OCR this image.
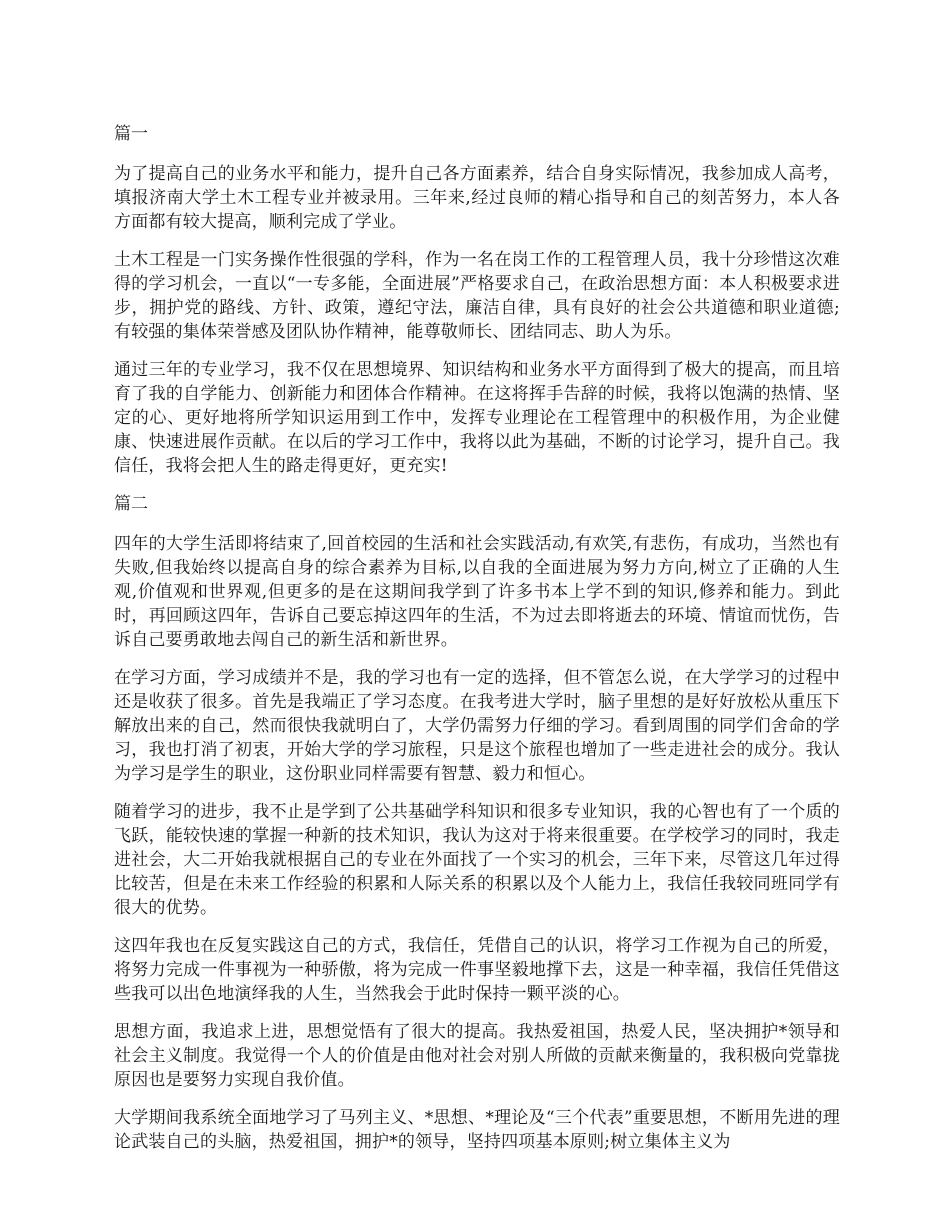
篇一

为了提高自己的业务水平和能力，提升自己各方面素养，结合自身实际情况，我参加成人高考，填报济南大学土木工程专业并被录用。三年来,经过良师的精心指导和自己的刻苦努力，本人各方面都有较大提高，顺利完成了学业。

土木工程是一门实务操作性很强的学科，作为一名在岗工作的工程管理人员，我十分珍惜这次难得的学习机会，一直以“一专多能，全面进展”严格要求自己，在政治思想方面：本人积极要求进步，拥护党的路线、方针、政策，遵纪守法，廉洁自律，具有良好的社会公共道德和职业道德;有较强的集体荣誉感及团队协作精神，能尊敬师长、团结同志、助人为乐。

通过三年的专业学习，我不仅在思想境界、知识结构和业务水平方面得到了极大的提高，而且培育了我的自学能力、创新能力和团体合作精神。在这将挥手告辞的时候，我将以饱满的热情、坚定的心、更好地将所学知识运用到工作中，发挥专业理论在工程管理中的积极作用，为企业健康、快速进展作贡献。在以后的学习工作中，我将以此为基础，不断的讨论学习，提升自己。我信任，我将会把人生的路走得更好，更充实!

篇二

四年的大学生活即将结束了,回首校园的生活和社会实践活动,有欢笑,有悲伤，有成功，当然也有失败,但我始终以提高自身的综合素养为目标,以自我的全面进展为努力方向,树立了正确的人生观,价值观和世界观,但更多的是在这期间我学到了许多书本上学不到的知识,修养和能力。到此时，再回顾这四年，告诉自己要忘掉这四年的生活，不为过去即将逝去的环境、情谊而忧伤，告诉自己要勇敢地去闯自己的新生活和新世界。

在学习方面，学习成绩并不是，我的学习也有一定的选择，但不管怎么说，在大学学习的过程中还是收获了很多。首先是我端正了学习态度。在我考进大学时，脑子里想的是好好放松从重压下解放出来的自己，然而很快我就明白了，大学仍需努力仔细的学习。看到周围的同学们舍命的学习，我也打消了初衷，开始大学的学习旅程，只是这个旅程也增加了一些走进社会的成分。我认为学习是学生的职业，这份职业同样需要有智慧、毅力和恒心。

随着学习的进步，我不止是学到了公共基础学科知识和很多专业知识，我的心智也有了一个质的飞跃，能较快速的掌握一种新的技术知识，我认为这对于将来很重要。在学校学习的同时，我走进社会，大二开始我就根据自己的专业在外面找了一个实习的机会，三年下来，尽管这几年过得比较苦，但是在未来工作经验的积累和人际关系的积累以及个人能力上，我信任我较同班同学有很大的优势。

这四年我也在反复实践这自己的方式，我信任，凭借自己的认识，将学习工作视为自己的所爱，将努力完成一件事视为一种骄傲，将为完成一件事坚毅地撑下去，这是一种幸福，我信任凭借这些我可以出色地演绎我的人生，当然我会于此时保持一颗平淡的心。

思想方面，我追求上进，思想觉悟有了很大的提高。我热爱祖国，热爱人民，坚决拥护*领导和社会主义制度。我觉得一个人的价值是由他对社会对别人所做的贡献来衡量的，我积极向党靠拢原因也是要努力实现自我价值。

大学期间我系统全面地学习了马列主义、*思想、*理论及“三个代表”重要思想，不断用先进的理论武装自己的头脑，热爱祖国，拥护*的领导，坚持四项基本原则;树立集体主义为
